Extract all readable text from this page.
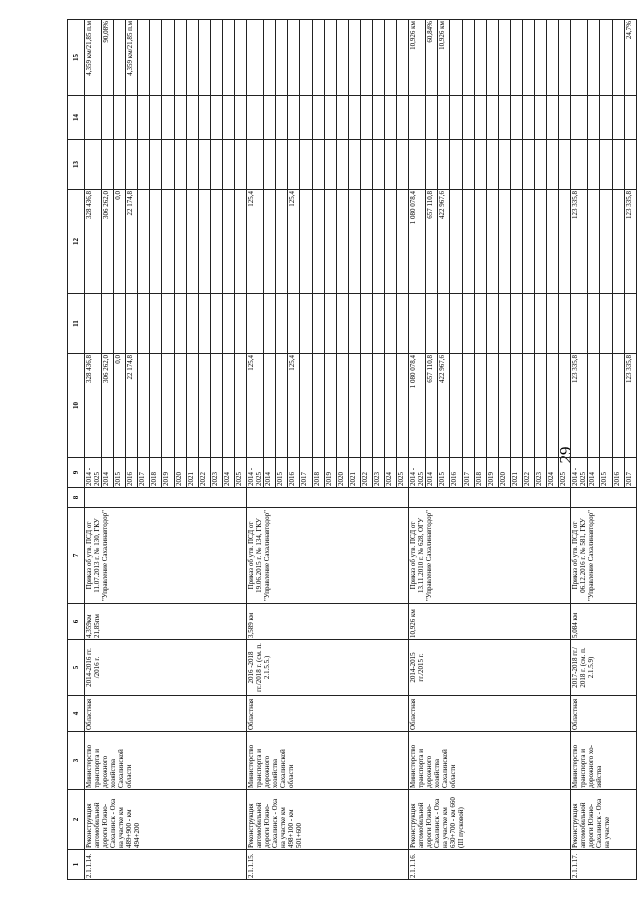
29
1	2	3	4	5	6	7	8	9	10	11	12	13	14	15
2.1.1.14.	Реконструкция автомобильной дороги Южно-Сахалинск - Оха на участке км 489+900 - км 494+200	Министерство транспорта и дорожного хозяйства Сахалинской области	Областная	2014-2016 гг. /2016 г.	4,359км 21,85пм	Приказ об утв. ПСД от 11.07.2013 г. № 130, ГКУ "Управление Сахалинавтодор"		2014 - 2025	328 436,8		328 436,8			4,359 км/21,85 п.м
								2014	306 262,0		306 262,0			90,08%
								2015	0,0		0,0			
								2016	22 174,8		22 174,8			4,359 км/21,85 п.м
								2017						
								2018						
								2019						
								2020						
								2021						
								2022						
								2023						
								2024						
								2025						
2.1.1.15.	Реконструкция автомобильной дороги Южно-Сахалинск - Оха на участке км 498+100 - км 501+600	Министерство транспорта и дорожного хозяйства Сахалинской области	Областная	2016 -2018 гг./2018 г. (см. п. 2.1.5.5.)	3,589 км	Приказ об утв. ПСД от 19.06.2015 г. № 134, ГКУ "Управление Сахалинавтодор"		2014 - 2025	125,4		125,4			
								2014						
								2015						
								2016	125,4		125,4			
								2017						
								2018						
								2019						
								2020						
								2021						
								2022						
								2023						
								2024						
								2025						
2.1.1.16.	Реконструкция автомобильной дороги Южно-Сахалинск - Оха на участке км 630+700 - км 660 (III пусковой)	Министерство транспорта и дорожного хозяйства Сахалинской области	Областная	2014-2015 гг./2015 г.	10,926 км	Приказ об утв. ПСД от 13.11.2010 г. № 628, ОГУ "Управление Сахалинавтодор"		2014 - 2025	1 080 078,4		1 080 078,4			10,926 км
								2014	657 110,8		657 110,8			60,84%
								2015	422 967,6		422 967,6			10,926 км
								2016						
								2017						
								2018						
								2019						
								2020						
								2021						
								2022						
								2023						
								2024						
								2025						
2.1.1.17.	Реконструкция автомобильной дороги Южно-Сахалинск - Оха на участке	Министерство транспорта и дорожного хо-зяйства	Областная	2017-2018 гг./ 2018 г. (см. п. 2.1.5.9)	5,084 км	Приказ об утв. ПСД от 06.12.2016 г. № 581, ГКУ "Управление Сахалинавтодор"		2014 - 2025	123 335,8		123 335,8			
								2014						
								2015						
								2016						
								2017	123 335,8		123 335,8			24,7%
